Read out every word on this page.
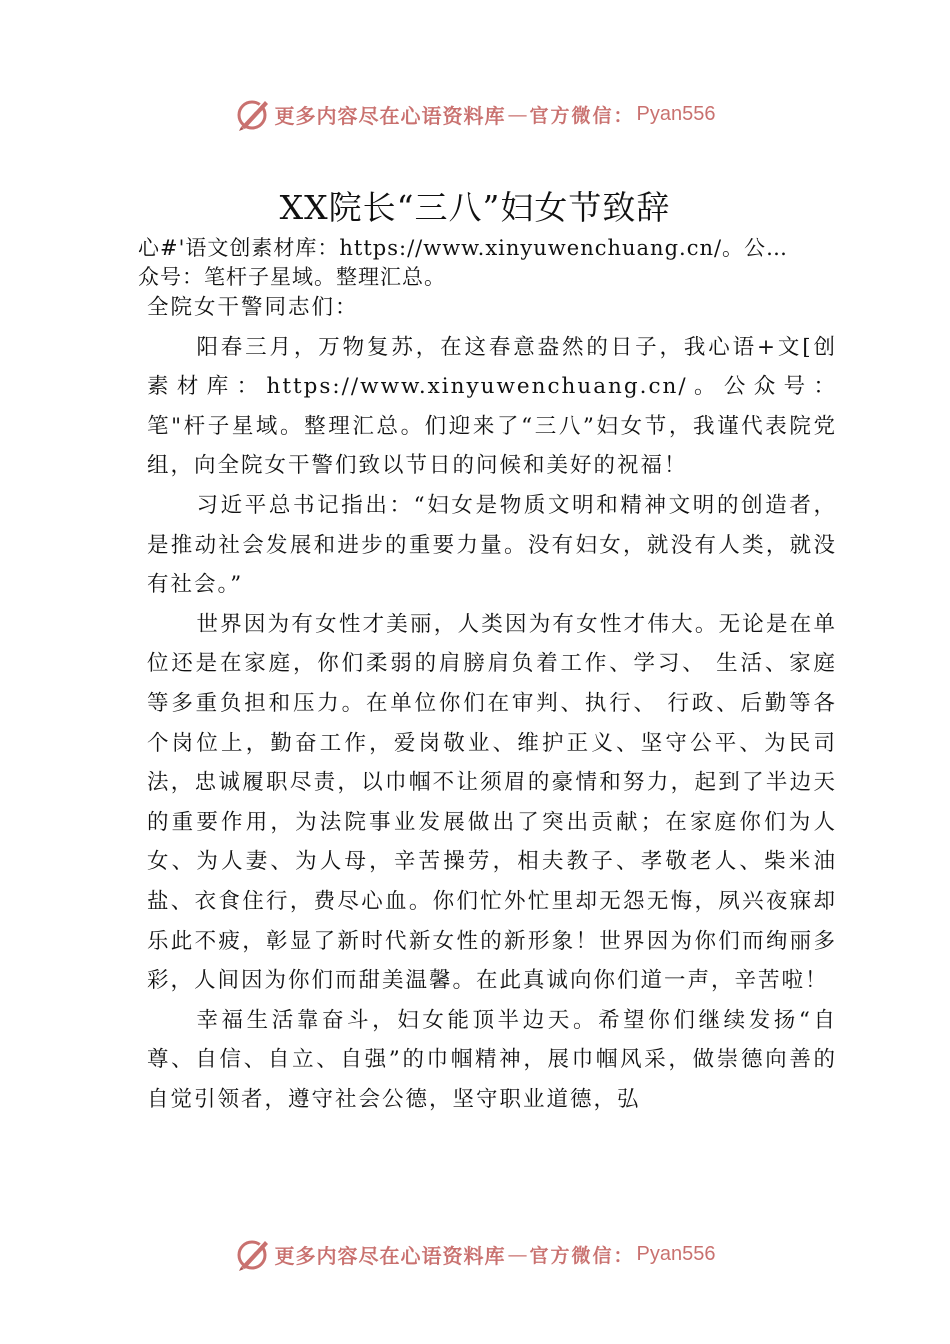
更多内容尽在心语资料库 — 官方微信： Pyan556
XX院长“三八”妇女节致辞
心#'语文创素材库：https://www.xinyuwenchuang.cn/。公…
众号：笔杆子星域。整理汇总。

全院女干警同志们：

阳春三月，万物复苏，在这春意盎然的日子，我心语+文[创素材库：https://www.xinyuwenchuang.cn/。公众号：笔"杆子星域。整理汇总。们迎来了“三八”妇女节，我谨代表院党组，向全院女干警们致以节日的问候和美好的祝福！

习近平总书记指出：“妇女是物质文明和精神文明的创造者，是推动社会发展和进步的重要力量。没有妇女，就没有人类，就没有社会。”

世界因为有女性才美丽，人类因为有女性才伟大。无论是在单位还是在家庭，你们柔弱的肩膀肩负着工作、学习、 生活、家庭等多重负担和压力。在单位你们在审判、执行、 行政、后勤等各个岗位上，勤奋工作，爱岗敬业、维护正义、坚守公平、为民司法，忠诚履职尽责，以巾帼不让须眉的豪情和努力，起到了半边天的重要作用，为法院事业发展做出了突出贡献；在家庭你们为人女、为人妻、为人母，辛苦操劳，相夫教子、孝敬老人、柴米油盐、衣食住行，费尽心血。你们忙外忙里却无怨无悔，夙兴夜寐却乐此不疲，彰显了新时代新女性的新形象！世界因为你们而绚丽多彩，人间因为你们而甜美温馨。在此真诚向你们道一声，辛苦啦！

幸福生活靠奋斗，妇女能顶半边天。希望你们继续发扬“自尊、自信、自立、自强”的巾帼精神，展巾帼风采，做崇德向善的自觉引领者，遵守社会公德，坚守职业道德，弘

更多内容尽在心语资料库 — 官方微信： Pyan556
